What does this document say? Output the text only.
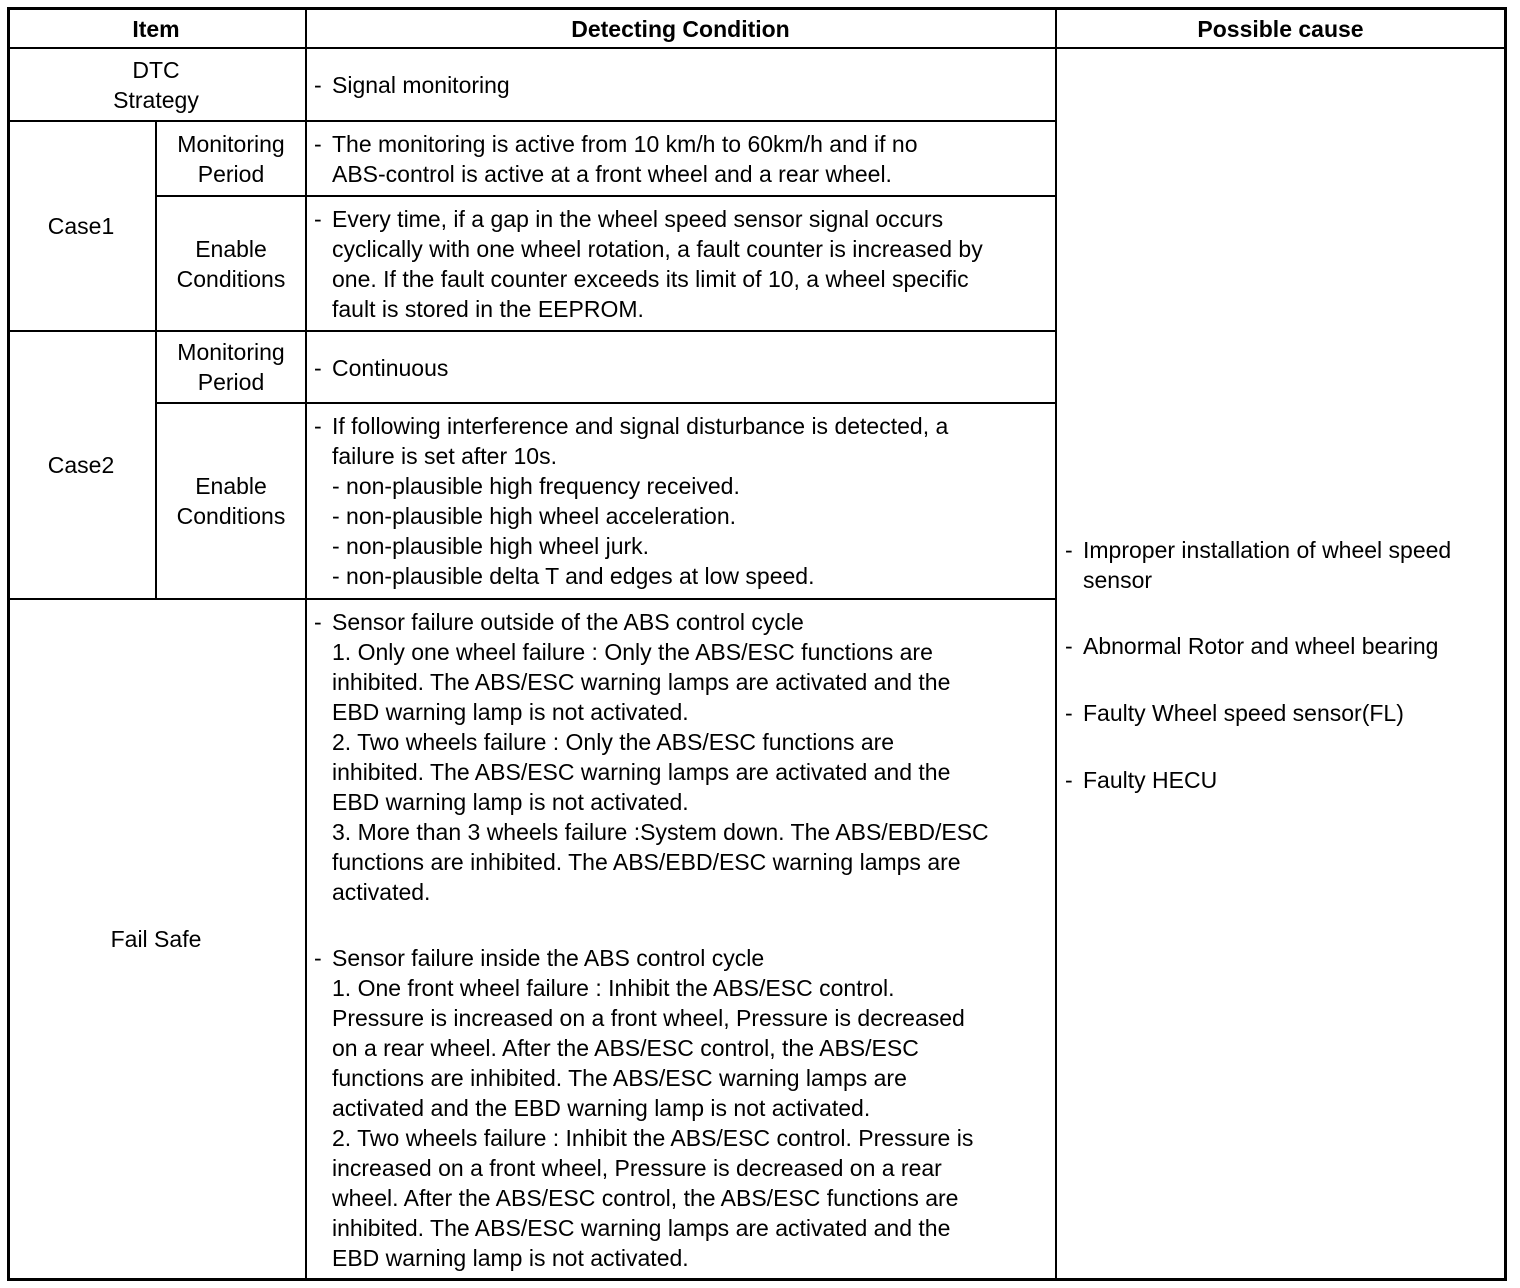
Item	Detecting Condition	Possible cause
DTC
Strategy
- Signal monitoring
Case1
Monitoring
Period
- The monitoring is active from 10 km/h to 60km/h and if no
ABS-control is active at a front wheel and a rear wheel.
Enable
Conditions
- Every time, if a gap in the wheel speed sensor signal occurs
cyclically with one wheel rotation, a fault counter is increased by
one. If the fault counter exceeds its limit of 10, a wheel specific
fault is stored in the EEPROM.
Case2
Monitoring
Period
- Continuous
Enable
Conditions
- If following interference and signal disturbance is detected, a
failure is set after 10s.
- non-plausible high frequency received.
- non-plausible high wheel acceleration.
- non-plausible high wheel jurk.
- non-plausible delta T and edges at low speed.
Fail Safe
- Sensor failure outside of the ABS control cycle
1. Only one wheel failure : Only the ABS/ESC functions are
inhibited. The ABS/ESC warning lamps are activated and the
EBD warning lamp is not activated.
2. Two wheels failure : Only the ABS/ESC functions are
inhibited. The ABS/ESC warning lamps are activated and the
EBD warning lamp is not activated.
3. More than 3 wheels failure :System down. The ABS/EBD/ESC
functions are inhibited. The ABS/EBD/ESC warning lamps are
activated.
- Sensor failure inside the ABS control cycle
1. One front wheel failure : Inhibit the ABS/ESC control.
Pressure is increased on a front wheel, Pressure is decreased
on a rear wheel. After the ABS/ESC control, the ABS/ESC
functions are inhibited. The ABS/ESC warning lamps are
activated and the EBD warning lamp is not activated.
2. Two wheels failure : Inhibit the ABS/ESC control. Pressure is
increased on a front wheel, Pressure is decreased on a rear
wheel. After the ABS/ESC control, the ABS/ESC functions are
inhibited. The ABS/ESC warning lamps are activated and the
EBD warning lamp is not activated.
- Improper installation of wheel speed
sensor
- Abnormal Rotor and wheel bearing
- Faulty Wheel speed sensor(FL)
- Faulty HECU
